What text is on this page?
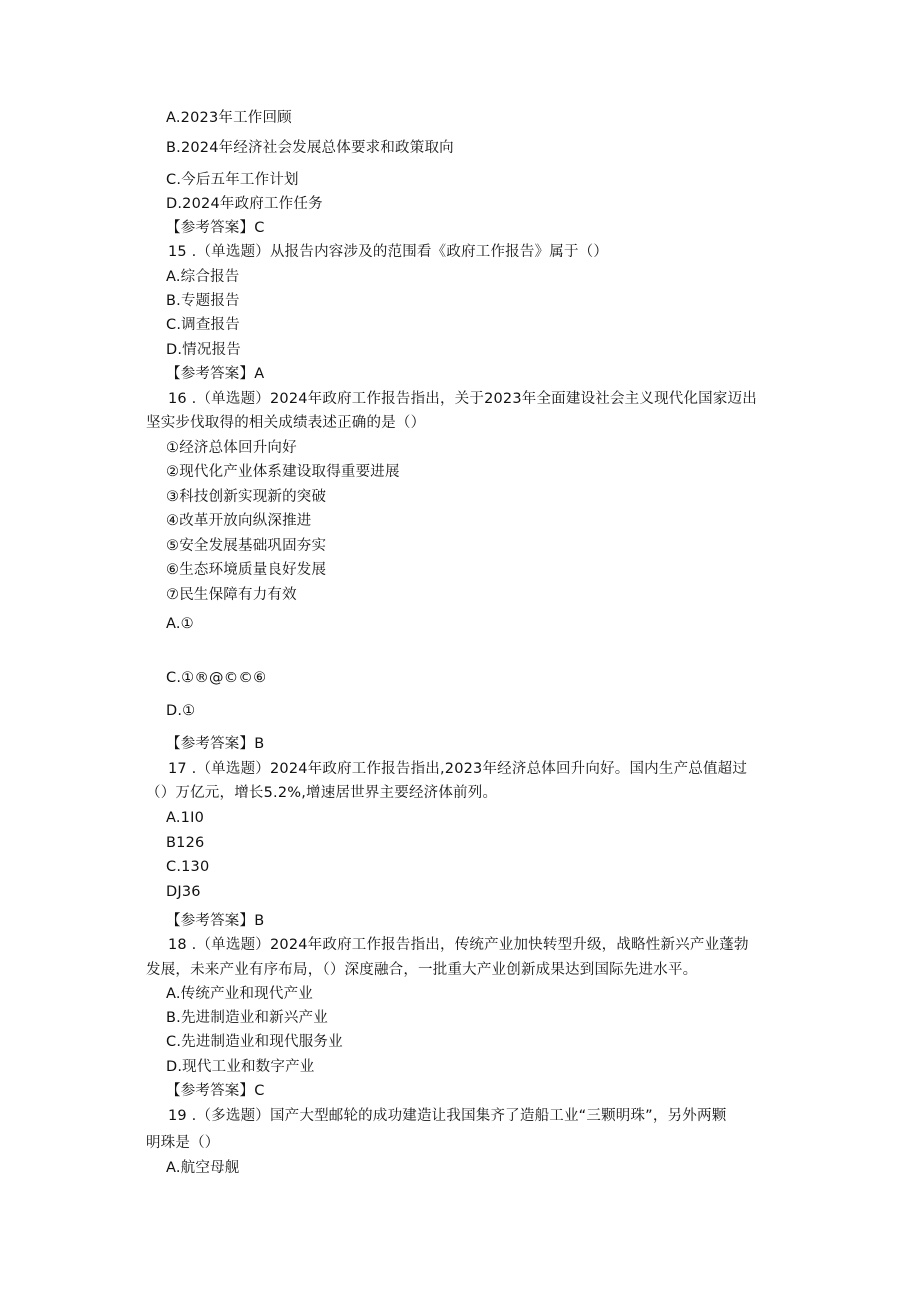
A.2023年工作回顾
B.2024年经济社会发展总体要求和政策取向
C.今后五年工作计划
D.2024年政府工作任务
【参考答案】C
15 .（单选题）从报告内容涉及的范围看《政府工作报告》属于（）
A.综合报告
B.专题报告
C.调查报告
D.情况报告
【参考答案】A
16 .（单选题）2024年政府工作报告指出，关于2023年全面建设社会主义现代化国家迈出
坚实步伐取得的相关成绩表述正确的是（）
①经济总体回升向好
②现代化产业体系建设取得重要进展
③科技创新实现新的突破
④改革开放向纵深推进
⑤安全发展基础巩固夯实
⑥生态环境质量良好发展
⑦民生保障有力有效
A.①
C.①®@©©⑥
D.①
【参考答案】B
17 .（单选题）2024年政府工作报告指出,2023年经济总体回升向好。国内生产总值超过
（）万亿元，增长5.2%,增速居世界主要经济体前列。
A.1I0
B126
C.130
DJ36
【参考答案】B
18 .（单选题）2024年政府工作报告指出，传统产业加快转型升级，战略性新兴产业蓬勃
发展，未来产业有序布局，（）深度融合，一批重大产业创新成果达到国际先进水平。
A.传统产业和现代产业
B.先进制造业和新兴产业
C.先进制造业和现代服务业
D.现代工业和数字产业
【参考答案】C
19 .（多选题）国产大型邮轮的成功建造让我国集齐了造船工业“三颗明珠”，另外两颗
明珠是（）
A.航空母舰
